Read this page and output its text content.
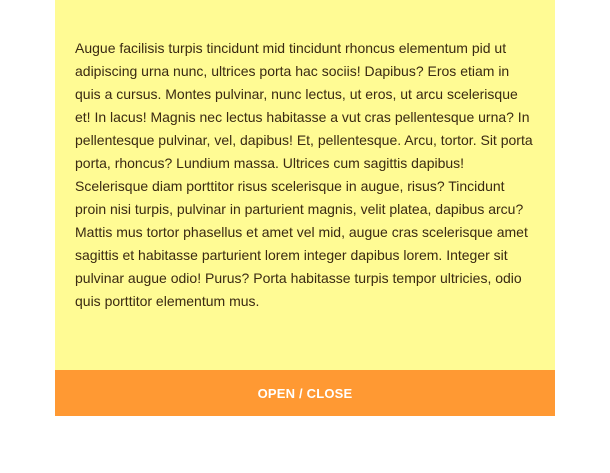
Augue facilisis turpis tincidunt mid tincidunt rhoncus elementum pid ut adipiscing urna nunc, ultrices porta hac sociis! Dapibus? Eros etiam in quis a cursus. Montes pulvinar, nunc lectus, ut eros, ut arcu scelerisque et! In lacus! Magnis nec lectus habitasse a vut cras pellentesque urna? In pellentesque pulvinar, vel, dapibus! Et, pellentesque. Arcu, tortor. Sit porta porta, rhoncus? Lundium massa. Ultrices cum sagittis dapibus! Scelerisque diam porttitor risus scelerisque in augue, risus? Tincidunt proin nisi turpis, pulvinar in parturient magnis, velit platea, dapibus arcu? Mattis mus tortor phasellus et amet vel mid, augue cras scelerisque amet sagittis et habitasse parturient lorem integer dapibus lorem. Integer sit pulvinar augue odio! Purus? Porta habitasse turpis tempor ultricies, odio quis porttitor elementum mus.

OPEN / CLOSE
